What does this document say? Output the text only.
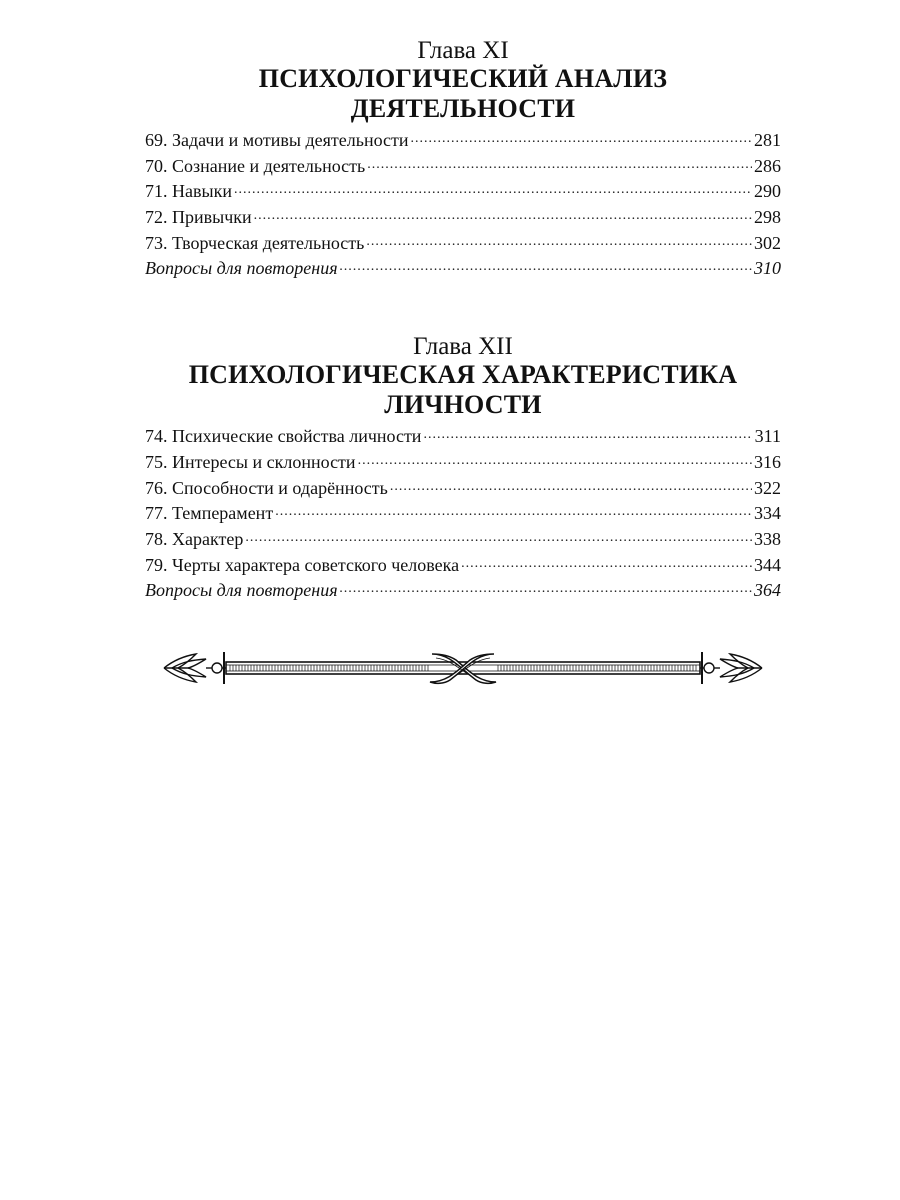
Глава XI
ПСИХОЛОГИЧЕСКИЙ АНАЛИЗ
ДЕЯТЕЛЬНОСТИ
69. Задачи и мотивы деятельности .....	281
70. Сознание и деятельность .....	286
71. Навыки .....	290
72. Привычки .....	298
73. Творческая деятельность .....	302
Вопросы для повторения .....	310
Глава XII
ПСИХОЛОГИЧЕСКАЯ ХАРАКТЕРИСТИКА
ЛИЧНОСТИ
74. Психические свойства личности .....	311
75. Интересы и склонности .....	316
76. Способности и одарённость .....	322
77. Темперамент .....	334
78. Характер .....	338
79. Черты характера советского человека .....	344
Вопросы для повторения .....	364
